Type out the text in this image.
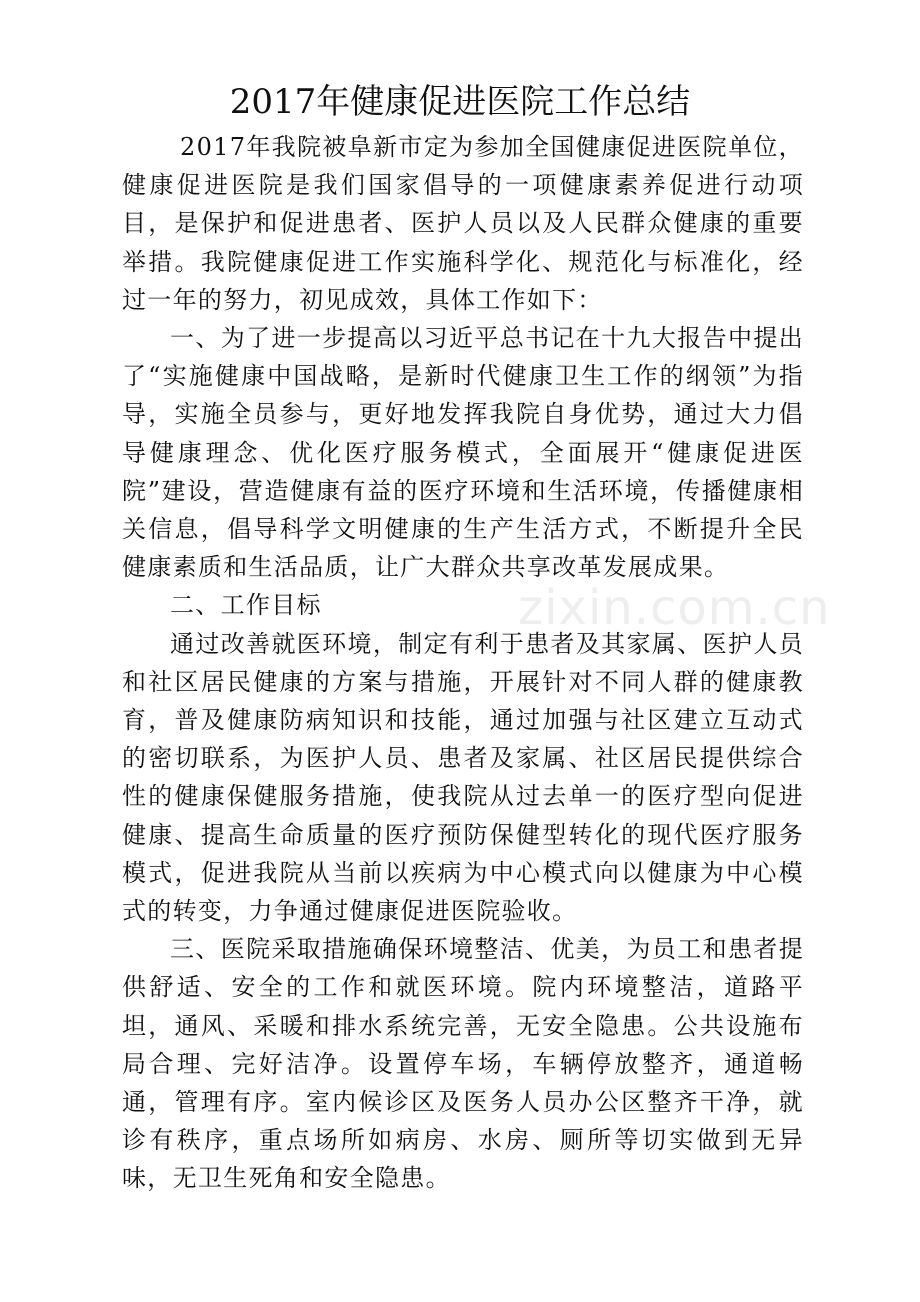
2017年健康促进医院工作总结

2017年我院被阜新市定为参加全国健康促进医院单位，健康促进医院是我们国家倡导的一项健康素养促进行动项目，是保护和促进患者、医护人员以及人民群众健康的重要举措。我院健康促进工作实施科学化、规范化与标准化，经过一年的努力，初见成效，具体工作如下：

一、为了进一步提高以习近平总书记在十九大报告中提出了“实施健康中国战略，是新时代健康卫生工作的纲领”为指导，实施全员参与，更好地发挥我院自身优势，通过大力倡导健康理念、优化医疗服务模式，全面展开“健康促进医院”建设，营造健康有益的医疗环境和生活环境，传播健康相关信息，倡导科学文明健康的生产生活方式，不断提升全民健康素质和生活品质，让广大群众共享改革发展成果。

二、工作目标

通过改善就医环境，制定有利于患者及其家属、医护人员和社区居民健康的方案与措施，开展针对不同人群的健康教育，普及健康防病知识和技能，通过加强与社区建立互动式的密切联系，为医护人员、患者及家属、社区居民提供综合性的健康保健服务措施，使我院从过去单一的医疗型向促进健康、提高生命质量的医疗预防保健型转化的现代医疗服务模式，促进我院从当前以疾病为中心模式向以健康为中心模式的转变，力争通过健康促进医院验收。

三、医院采取措施确保环境整洁、优美，为员工和患者提供舒适、安全的工作和就医环境。院内环境整洁，道路平坦，通风、采暖和排水系统完善，无安全隐患。公共设施布局合理、完好洁净。设置停车场，车辆停放整齐，通道畅通，管理有序。室内候诊区及医务人员办公区整齐干净，就诊有秩序，重点场所如病房、水房、厕所等切实做到无异味，无卫生死角和安全隐患。

zixin.com.cn
